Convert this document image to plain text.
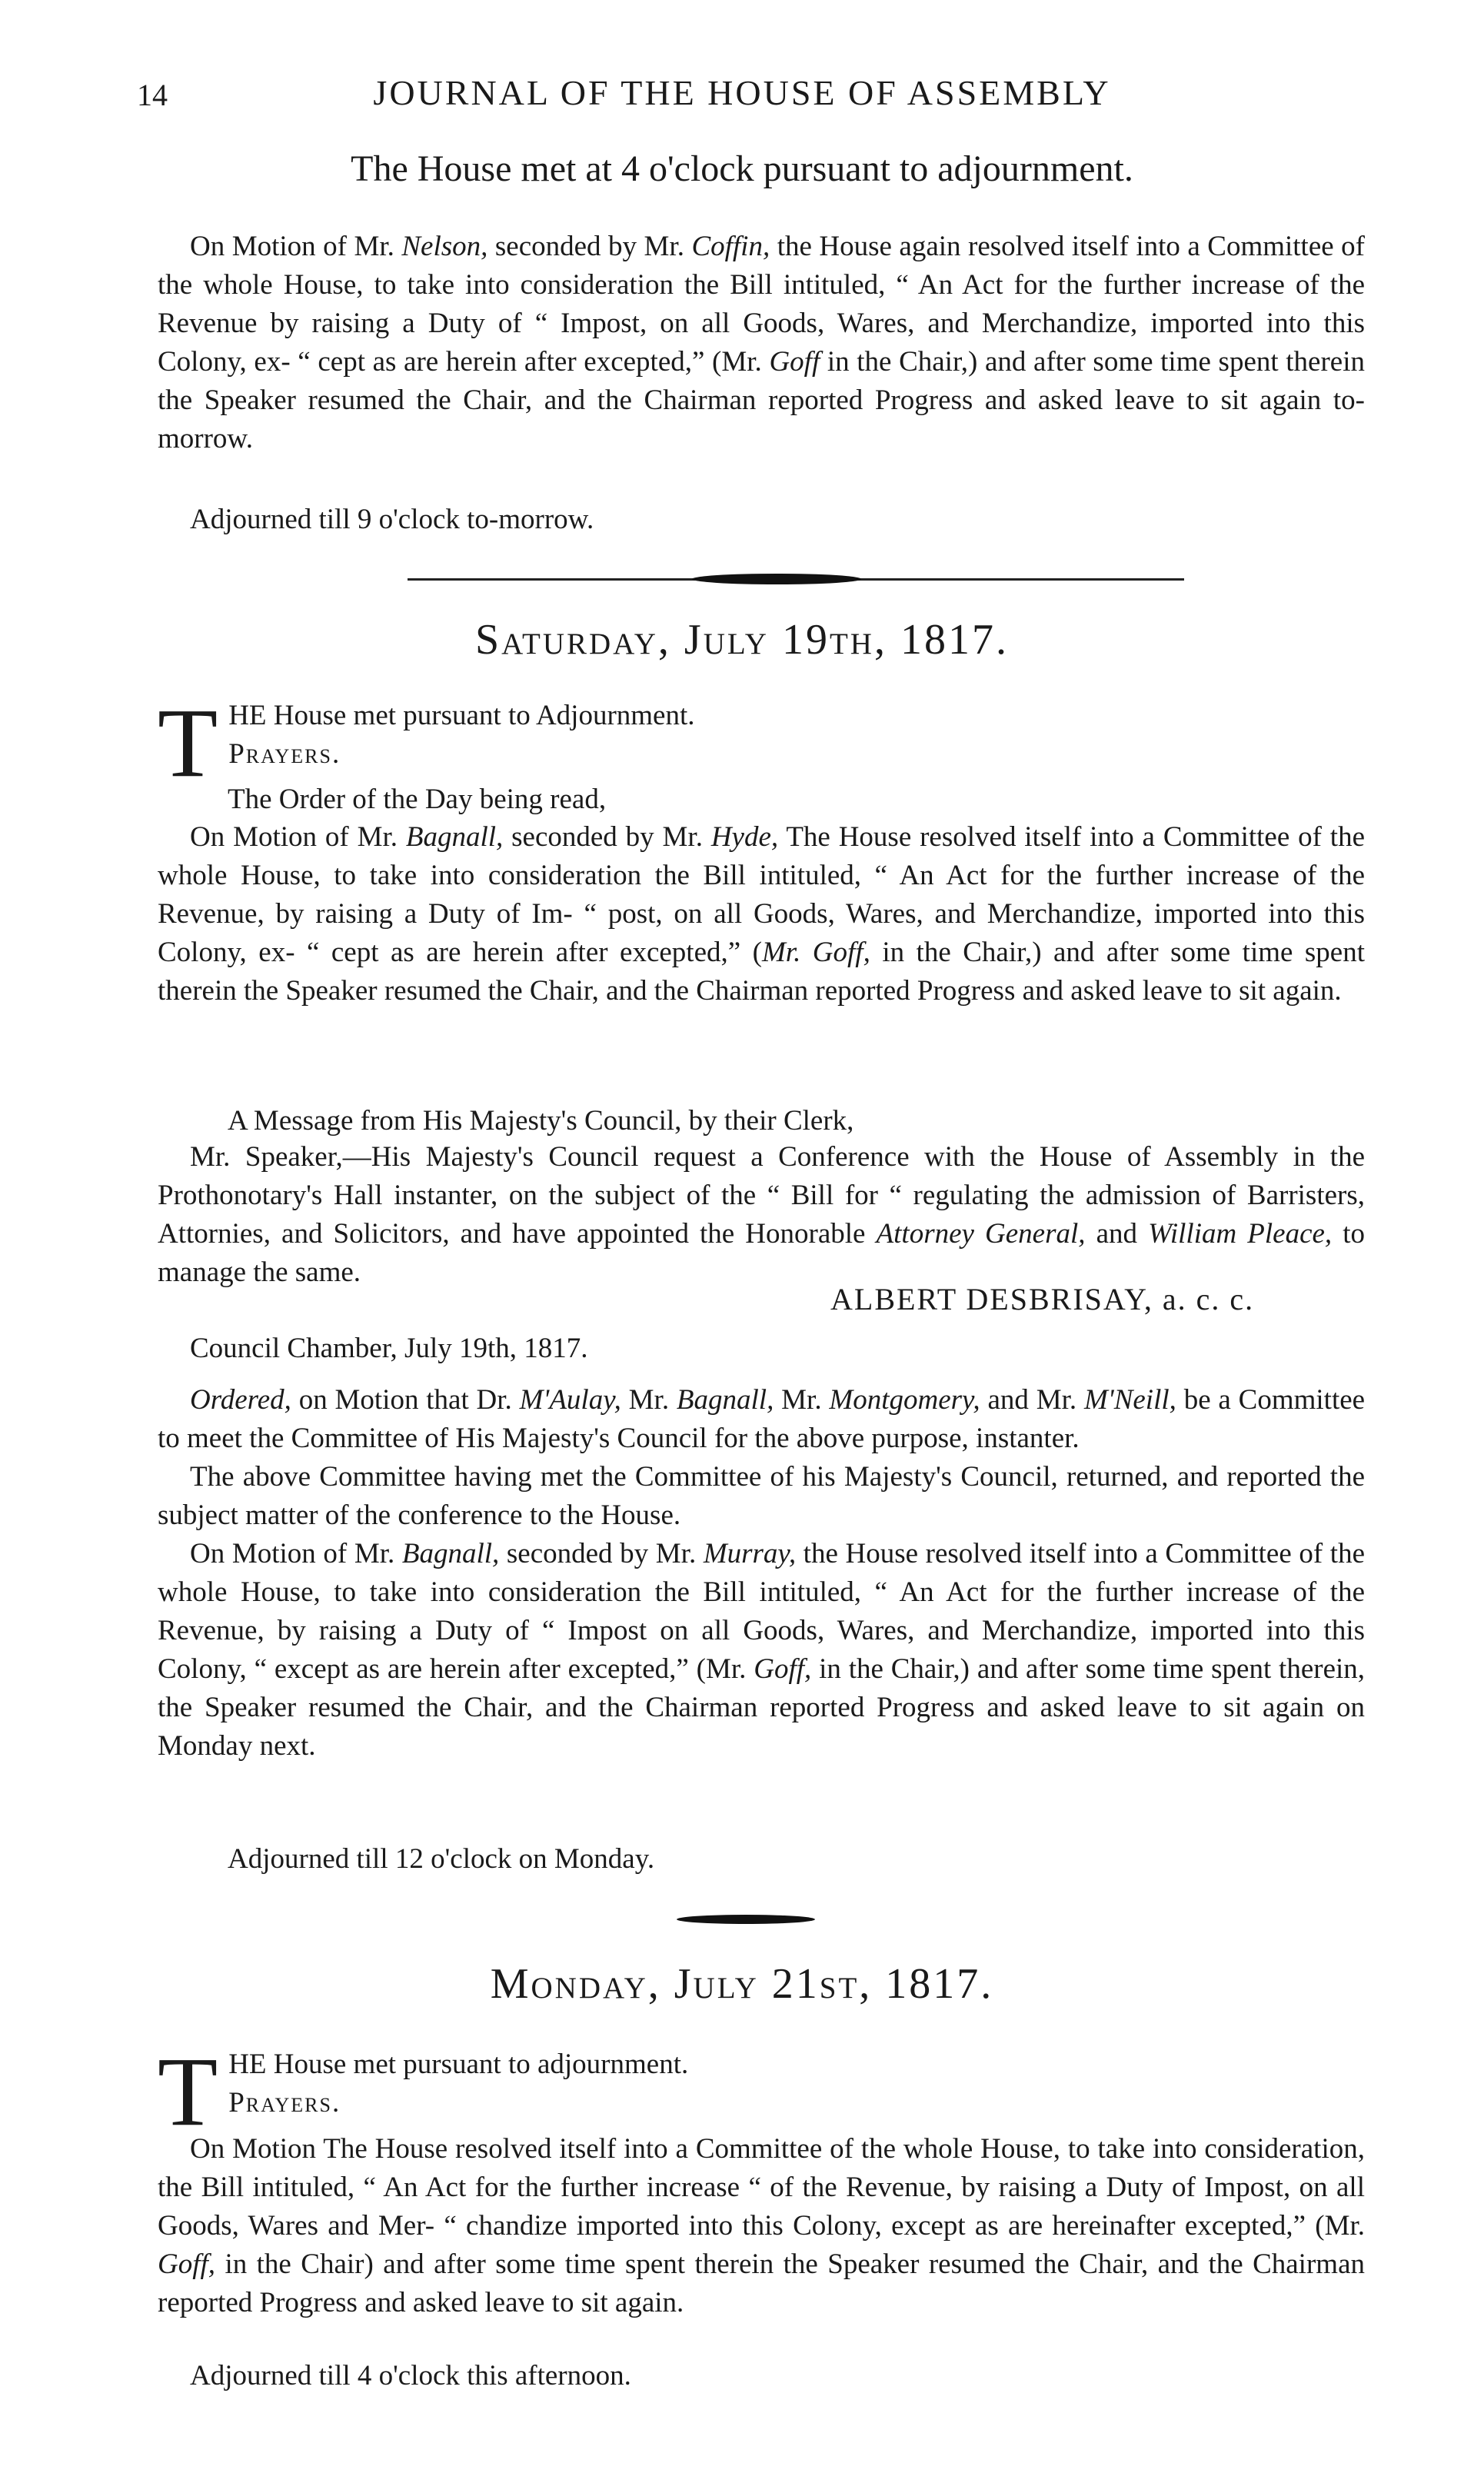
14	JOURNAL OF THE HOUSE OF ASSEMBLY
The House met at 4 o'clock pursuant to adjournment.

On Motion of Mr. Nelson, seconded by Mr. Coffin, the House again resolved itself into a Committee of the whole House, to take into consideration the Bill intituled, “ An Act for the further increase of the Revenue by raising a Duty of “ Impost, on all Goods, Wares, and Merchandize, imported into this Colony, ex- “ cept as are herein after excepted,” (Mr. Goff in the Chair,) and after some time spent therein the Speaker resumed the Chair, and the Chairman reported Progress and asked leave to sit again to-morrow.

Adjourned till 9 o'clock to-morrow.
Saturday, July 19th, 1817.
T HE House met pursuant to Adjournment.

Prayers.

The Order of the Day being read,

On Motion of Mr. Bagnall, seconded by Mr. Hyde, The House resolved itself into a Committee of the whole House, to take into consideration the Bill intituled, “ An Act for the further increase of the Revenue, by raising a Duty of Im- “ post, on all Goods, Wares, and Merchandize, imported into this Colony, ex- “ cept as are herein after excepted,” (Mr. Goff, in the Chair,) and after some time spent therein the Speaker resumed the Chair, and the Chairman reported Progress and asked leave to sit again.

A Message from His Majesty's Council, by their Clerk,

Mr. Speaker,—His Majesty's Council request a Conference with the House of Assembly in the Prothonotary's Hall instanter, on the subject of the “ Bill for “ regulating the admission of Barristers, Attornies, and Solicitors, and have appointed the Honorable Attorney General, and William Pleace, to manage the same.

ALBERT DESBRISAY, a. c. c.
Council Chamber, July 19th, 1817.

Ordered, on Motion that Dr. M'Aulay, Mr. Bagnall, Mr. Montgomery, and Mr. M'Neill, be a Committee to meet the Committee of His Majesty's Council for the above purpose, instanter.

The above Committee having met the Committee of his Majesty's Council, returned, and reported the subject matter of the conference to the House.

On Motion of Mr. Bagnall, seconded by Mr. Murray, the House resolved itself into a Committee of the whole House, to take into consideration the Bill intituled, “ An Act for the further increase of the Revenue, by raising a Duty of “ Impost on all Goods, Wares, and Merchandize, imported into this Colony, “ except as are herein after excepted,” (Mr. Goff, in the Chair,) and after some time spent therein, the Speaker resumed the Chair, and the Chairman reported Progress and asked leave to sit again on Monday next.

Adjourned till 12 o'clock on Monday.
Monday, July 21st, 1817.
T HE House met pursuant to adjournment.

Prayers.

On Motion The House resolved itself into a Committee of the whole House, to take into consideration, the Bill intituled, “ An Act for the further increase “ of the Revenue, by raising a Duty of Impost, on all Goods, Wares and Mer- “ chandize imported into this Colony, except as are hereinafter excepted,” (Mr. Goff, in the Chair) and after some time spent therein the Speaker resumed the Chair, and the Chairman reported Progress and asked leave to sit again.

Adjourned till 4 o'clock this afternoon.
